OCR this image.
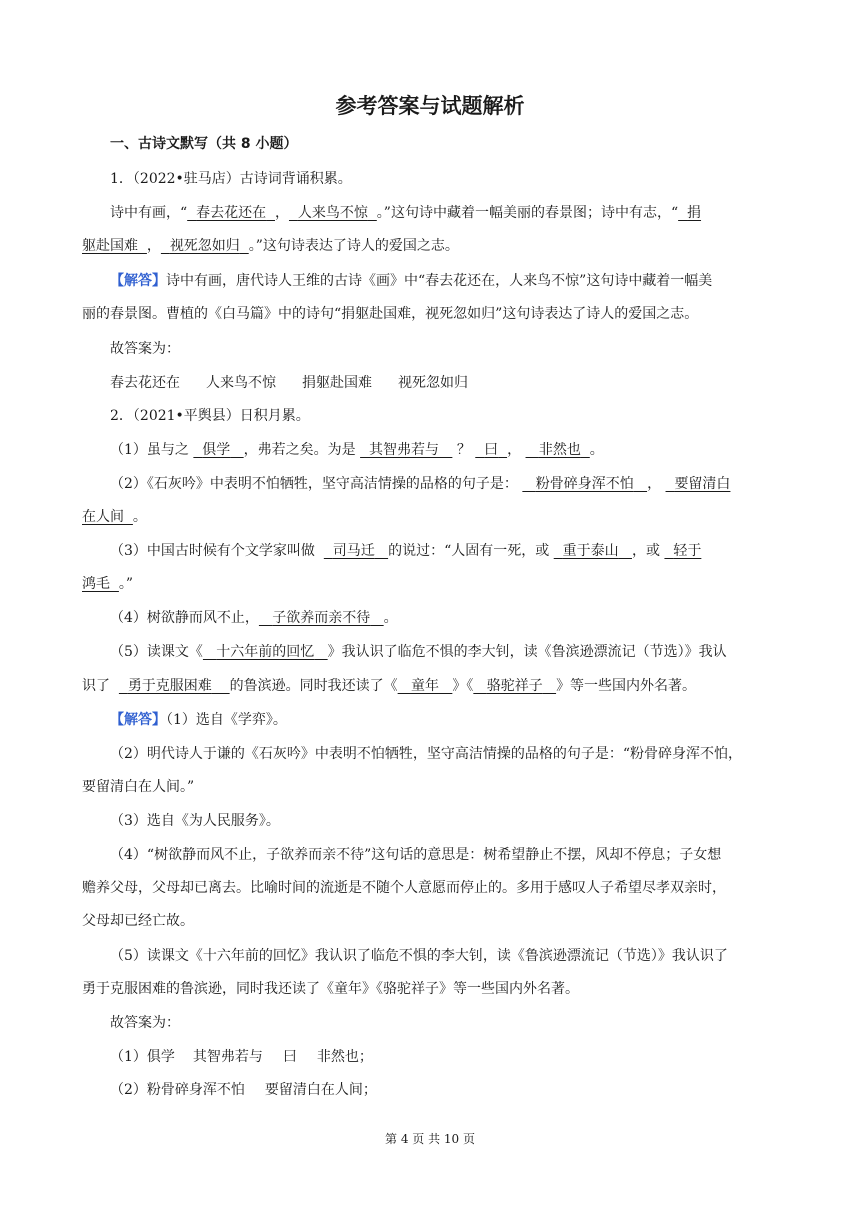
参考答案与试题解析
一、古诗文默写（共 8 小题）
1．（2022•驻马店）古诗词背诵积累。
诗中有画，“ 春去花还在 ， 人来鸟不惊 。”这句诗中藏着一幅美丽的春景图；诗中有志，“ 捐
躯赴国难 ， 视死忽如归 。”这句诗表达了诗人的爱国之志。
【解答】诗中有画，唐代诗人王维的古诗《画》中“春去花还在，人来鸟不惊”这句诗中藏着一幅美
丽的春景图。曹植的《白马篇》中的诗句“捐躯赴国难，视死忽如归”这句诗表达了诗人的爱国之志。
故答案为：
春去花还在 人来鸟不惊 捐躯赴国难 视死忽如归
2．（2021•平舆县）日积月累。
（1）虽与之 俱学 ，弗若之矣。为是 其智弗若与 ？ 曰 ， 非然也 。
（2）《石灰吟》中表明不怕牺牲，坚守高洁情操的品格的句子是： 粉骨碎身浑不怕 ， 要留清白
在人间 。
（3）中国古时候有个文学家叫做 司马迁 的说过：“人固有一死，或 重于泰山 ，或 轻于
鸿毛 。”
（4）树欲静而风不止， 子欲养而亲不待 。
（5）读课文《 十六年前的回忆 》我认识了临危不惧的李大钊，读《鲁滨逊漂流记（节选）》我认
识了 勇于克服困难 的鲁滨逊。同时我还读了《 童年 》《 骆驼祥子 》等一些国内外名著。
【解答】（1）选自《学弈》。
（2）明代诗人于谦的《石灰吟》中表明不怕牺牲，坚守高洁情操的品格的句子是：“粉骨碎身浑不怕，
要留清白在人间。”
（3）选自《为人民服务》。
（4）“树欲静而风不止，子欲养而亲不待”这句话的意思是：树希望静止不摆，风却不停息；子女想
赡养父母，父母却已离去。比喻时间的流逝是不随个人意愿而停止的。多用于感叹人子希望尽孝双亲时，
父母却已经亡故。
（5）读课文《十六年前的回忆》我认识了临危不惧的李大钊，读《鲁滨逊漂流记（节选）》我认识了
勇于克服困难的鲁滨逊，同时我还读了《童年》《骆驼祥子》等一些国内外名著。
故答案为：
（1）俱学 其智弗若与 曰 非然也；
（2）粉骨碎身浑不怕 要留清白在人间；
第 4 页 共 10 页
